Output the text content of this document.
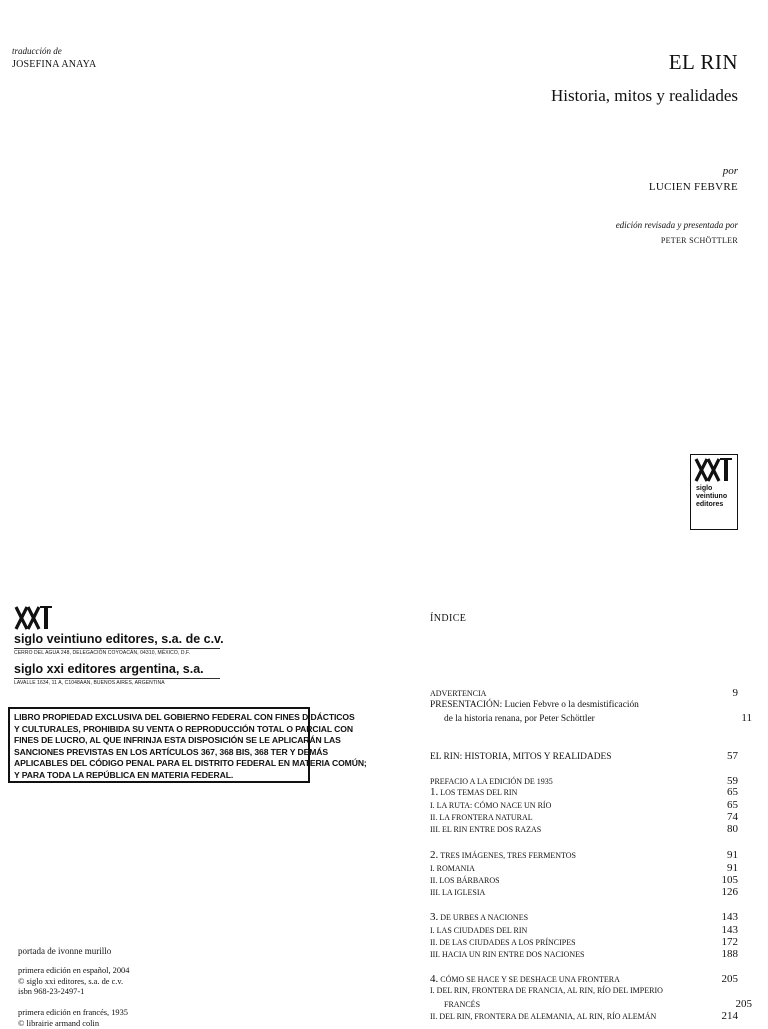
traducción de
JOSEFINA ANAYA	EL RIN
Historia, mitos y realidades
por
LUCIEN FEBVRE
edición revisada y presentada por
PETER SCHÖTTLER
siglo
veintiuno
editores
siglo veintiuno editores, s.a. de c.v.
CERRO DEL AGUA 248, DELEGACIÓN COYOACÁN, 04310, MÉXICO, D.F.
siglo xxi editores argentina, s.a.
LAVALLE 1634, 11 A, C1048AAN, BUENOS AIRES, ARGENTINA
LIBRO PROPIEDAD EXCLUSIVA DEL GOBIERNO FEDERAL CON FINES DIDÁCTICOS
Y CULTURALES, PROHIBIDA SU VENTA O REPRODUCCIÓN TOTAL O PARCIAL CON
FINES DE LUCRO, AL QUE INFRINJA ESTA DISPOSICIÓN SE LE APLICARÁN LAS
SANCIONES PREVISTAS EN LOS ARTÍCULOS 367, 368 BIS, 368 TER Y DEMÁS
APLICABLES DEL CÓDIGO PENAL PARA EL DISTRITO FEDERAL EN MATERIA COMÚN;
Y PARA TODA LA REPÚBLICA EN MATERIA FEDERAL.
portada de ivonne murillo
primera edición en español, 2004
© siglo xxi editores, s.a. de c.v.
isbn 968-23-2497-1

primera edición en francés, 1935
© librairie armand colin
ÍNDICE
ADVERTENCIA	9
PRESENTACIÓN: Lucien Febvre o la desmistificación
de la historia renana, por Peter Schöttler	11
EL RIN: HISTORIA, MITOS Y REALIDADES	57
PREFACIO A LA EDICIÓN DE 1935	59
1. LOS TEMAS DEL RIN	65
I. LA RUTA: CÓMO NACE UN RÍO	65
II. LA FRONTERA NATURAL	74
III. EL RIN ENTRE DOS RAZAS	80
2. TRES IMÁGENES, TRES FERMENTOS	91
I. ROMANIA	91
II. LOS BÁRBAROS	105
III. LA IGLESIA	126
3. DE URBES A NACIONES	143
I. LAS CIUDADES DEL RIN	143
II. DE LAS CIUDADES A LOS PRÍNCIPES	172
III. HACIA UN RIN ENTRE DOS NACIONES	188
4. CÓMO SE HACE Y SE DESHACE UNA FRONTERA	205
I. DEL RIN, FRONTERA DE FRANCIA, AL RIN, RÍO DEL IMPERIO
FRANCÉS	205
II. DEL RIN, FRONTERA DE ALEMANIA, AL RIN, RÍO ALEMÁN	214
